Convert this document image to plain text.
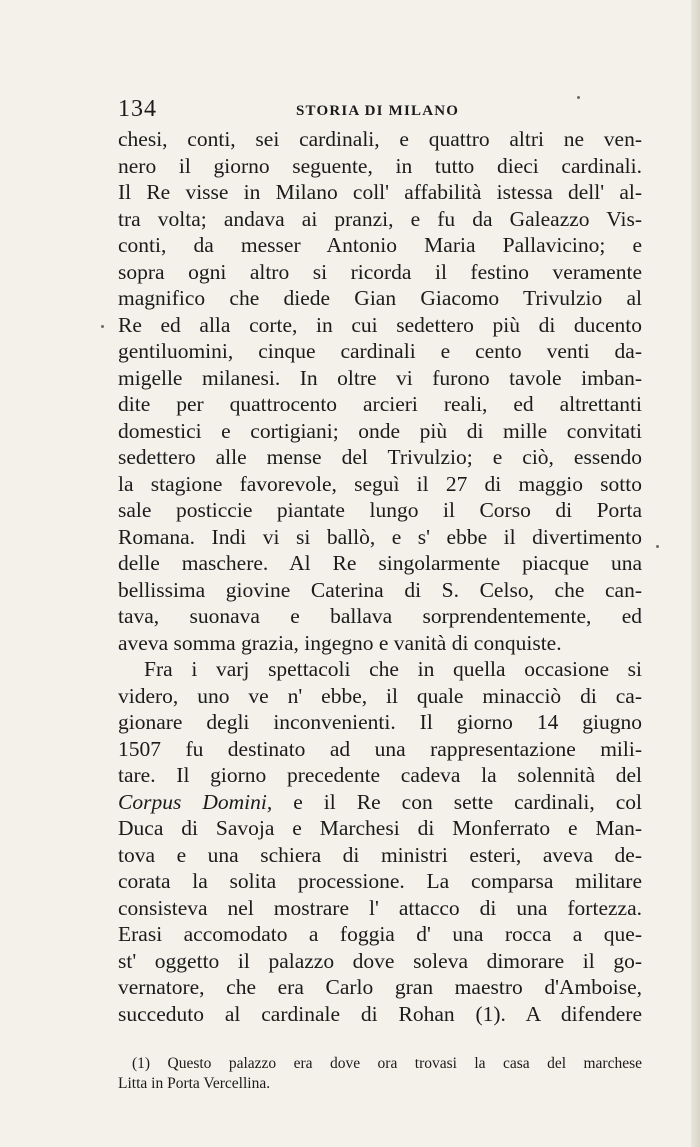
134	STORIA DI MILANO
chesi, conti, sei cardinali, e quattro altri ne ven-
nero il giorno seguente, in tutto dieci cardinali.
Il Re visse in Milano coll' affabilità istessa dell' al-
tra volta; andava ai pranzi, e fu da Galeazzo Vis-
conti, da messer Antonio Maria Pallavicino; e
sopra ogni altro si ricorda il festino veramente
magnifico che diede Gian Giacomo Trivulzio al
Re ed alla corte, in cui sedettero più di ducento
gentiluomini, cinque cardinali e cento venti da-
migelle milanesi. In oltre vi furono tavole imban-
dite per quattrocento arcieri reali, ed altrettanti
domestici e cortigiani; onde più di mille convitati
sedettero alle mense del Trivulzio; e ciò, essendo
la stagione favorevole, seguì il 27 di maggio sotto
sale posticcie piantate lungo il Corso di Porta
Romana. Indi vi si ballò, e s' ebbe il divertimento
delle maschere. Al Re singolarmente piacque una
bellissima giovine Caterina di S. Celso, che can-
tava, suonava e ballava sorprendentemente, ed
aveva somma grazia, ingegno e vanità di conquiste.
Fra i varj spettacoli che in quella occasione si
videro, uno ve n' ebbe, il quale minacciò di ca-
gionare degli inconvenienti. Il giorno 14 giugno
1507 fu destinato ad una rappresentazione mili-
tare. Il giorno precedente cadeva la solennità del
Corpus Domini, e il Re con sette cardinali, col
Duca di Savoja e Marchesi di Monferrato e Man-
tova e una schiera di ministri esteri, aveva de-
corata la solita processione. La comparsa militare
consisteva nel mostrare l' attacco di una fortezza.
Erasi accomodato a foggia d' una rocca a que-
st' oggetto il palazzo dove soleva dimorare il go-
vernatore, che era Carlo gran maestro d'Amboise,
succeduto al cardinale di Rohan (1). A difendere
(1) Questo palazzo era dove ora trovasi la casa del marchese
Litta in Porta Vercellina.
